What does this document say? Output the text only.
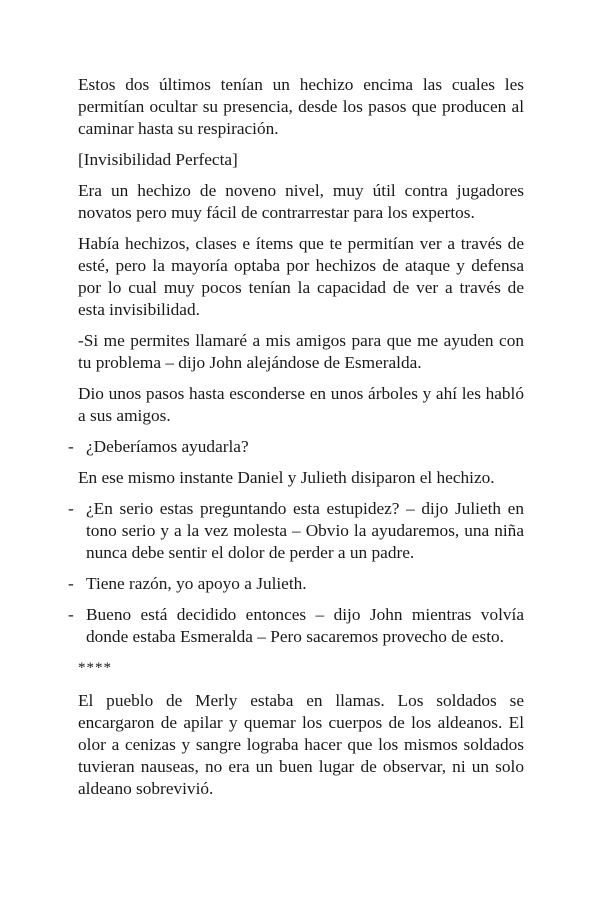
Estos dos últimos tenían un hechizo encima las cuales les permitían ocultar su presencia, desde los pasos que producen al caminar hasta su respiración.

[Invisibilidad Perfecta]

Era un hechizo de noveno nivel, muy útil contra jugadores novatos pero muy fácil de contrarrestar para los expertos.

Había hechizos, clases e ítems que te permitían ver a través de esté, pero la mayoría optaba por hechizos de ataque y defensa por lo cual muy pocos tenían la capacidad de ver a través de esta invisibilidad.

-Si me permites llamaré a mis amigos para que me ayuden con tu problema – dijo John alejándose de Esmeralda.

Dio unos pasos hasta esconderse en unos árboles y ahí les habló a sus amigos.

- ¿Deberíamos ayudarla?

En ese mismo instante Daniel y Julieth disiparon el hechizo.

- ¿En serio estas preguntando esta estupidez? – dijo Julieth en tono serio y a la vez molesta – Obvio la ayudaremos, una niña nunca debe sentir el dolor de perder a un padre.
- Tiene razón, yo apoyo a Julieth.
- Bueno está decidido entonces – dijo John mientras volvía donde estaba Esmeralda – Pero sacaremos provecho de esto.

****

El pueblo de Merly estaba en llamas. Los soldados se encargaron de apilar y quemar los cuerpos de los aldeanos. El olor a cenizas y sangre lograba hacer que los mismos soldados tuvieran nauseas, no era un buen lugar de observar, ni un solo aldeano sobrevivió.
